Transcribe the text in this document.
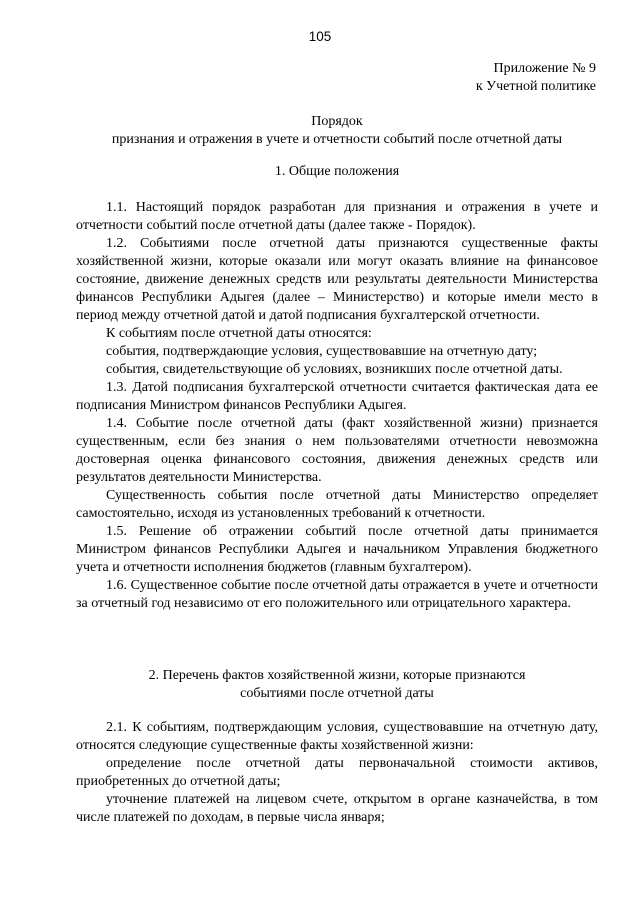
105
Приложение № 9
к Учетной политике
Порядок
признания и отражения в учете и отчетности событий после отчетной даты
1. Общие положения

1.1. Настоящий порядок разработан для признания и отражения в учете и отчетности событий после отчетной даты (далее также - Порядок).

1.2. Событиями после отчетной даты признаются существенные факты хозяйственной жизни, которые оказали или могут оказать влияние на финансовое состояние, движение денежных средств или результаты деятельности Министерства финансов Республики Адыгея (далее – Министерство) и которые имели место в период между отчетной датой и датой подписания бухгалтерской отчетности.

К событиям после отчетной даты относятся:

события, подтверждающие условия, существовавшие на отчетную дату;

события, свидетельствующие об условиях, возникших после отчетной даты.

1.3. Датой подписания бухгалтерской отчетности считается фактическая дата ее подписания Министром финансов Республики Адыгея.

1.4. Событие после отчетной даты (факт хозяйственной жизни) признается существенным, если без знания о нем пользователями отчетности невозможна достоверная оценка финансового состояния, движения денежных средств или результатов деятельности Министерства.

Существенность события после отчетной даты Министерство определяет самостоятельно, исходя из установленных требований к отчетности.

1.5. Решение об отражении событий после отчетной даты принимается Министром финансов Республики Адыгея и начальником Управления бюджетного учета и отчетности исполнения бюджетов (главным бухгалтером).

1.6. Существенное событие после отчетной даты отражается в учете и отчетности за отчетный год независимо от его положительного или отрицательного характера.

2. Перечень фактов хозяйственной жизни, которые признаются
событиями после отчетной даты

2.1. К событиям, подтверждающим условия, существовавшие на отчетную дату, относятся следующие существенные факты хозяйственной жизни:

определение после отчетной даты первоначальной стоимости активов, приобретенных до отчетной даты;

уточнение платежей на лицевом счете, открытом в органе казначейства, в том числе платежей по доходам, в первые числа января;
